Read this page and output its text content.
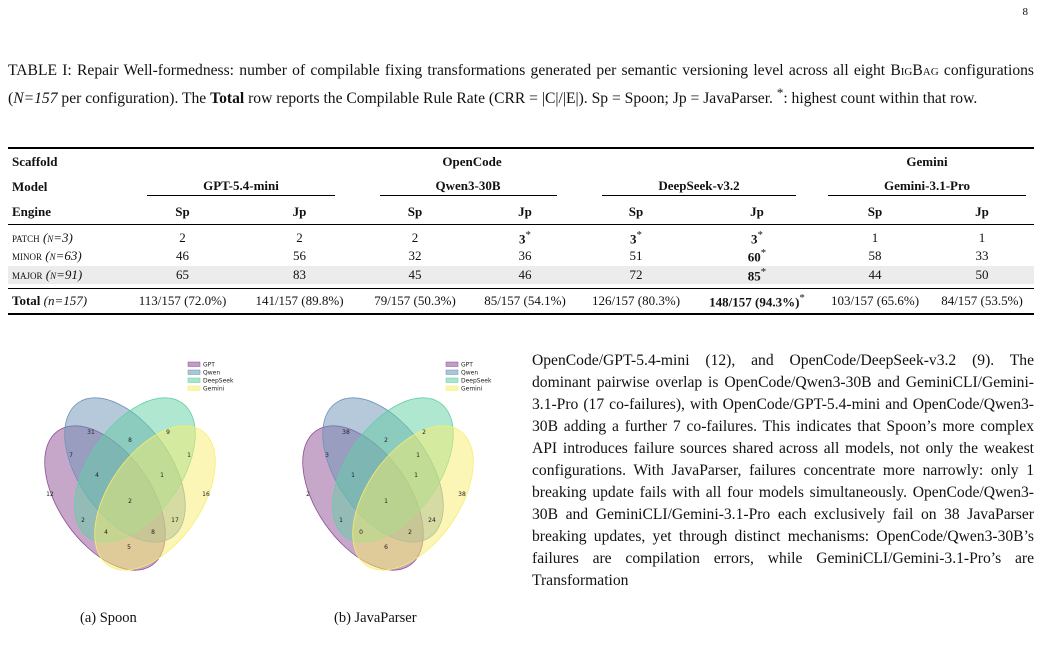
8
TABLE I: Repair Well-formedness: number of compilable fixing transformations generated per semantic versioning level across all eight BigBag configurations (N=157 per configuration). The Total row reports the Compilable Rule Rate (CRR = |C|/|E|). Sp = Spoon; Jp = JavaParser. *: highest count within that row.
Scaffold	OpenCode						Gemini	
Model	GPT-5.4-mini		Qwen3-30B		DeepSeek-v3.2		Gemini-3.1-Pro	
Engine	Sp	Jp	Sp	Jp	Sp	Jp	Sp	Jp

patch (n=3)	2	2	2	3*	3*	3*	1	1
minor (n=63)	46	56	32	36	51	60*	58	33
major (n=91)	65	83	45	46	72	85*	44	50

Total (n=157)	113/157 (72.0%)	141/157 (89.8%)	79/157 (50.3%)	85/157 (54.1%)	126/157 (80.3%)	148/157 (94.3%)*	103/157 (65.6%)	84/157 (53.5%)
GPT
Qwen
DeepSeek
Gemini
31
8
9
7	1
4	1
12	16
2
2	17
4	8
5
(a) Spoon
GPT
Qwen
DeepSeek
Gemini
38
2
2
3	1
1	1
2	38
1
1	24
0	2
6
(b) JavaParser
OpenCode/GPT-5.4-mini (12), and OpenCode/DeepSeek-v3.2 (9). The dominant pairwise overlap is OpenCode/Qwen3-30B and GeminiCLI/Gemini-3.1-Pro (17 co-failures), with OpenCode/GPT-5.4-mini and OpenCode/Qwen3-30B adding a further 7 co-failures. This indicates that Spoon’s more complex API introduces failure sources shared across all models, not only the weakest configurations. With JavaParser, failures concentrate more narrowly: only 1 breaking update fails with all four models simultaneously. OpenCode/Qwen3-30B and GeminiCLI/Gemini-3.1-Pro each exclusively fail on 38 JavaParser breaking updates, yet through distinct mechanisms: OpenCode/Qwen3-30B’s failures are compilation errors, while GeminiCLI/Gemini-3.1-Pro’s are Transformation
